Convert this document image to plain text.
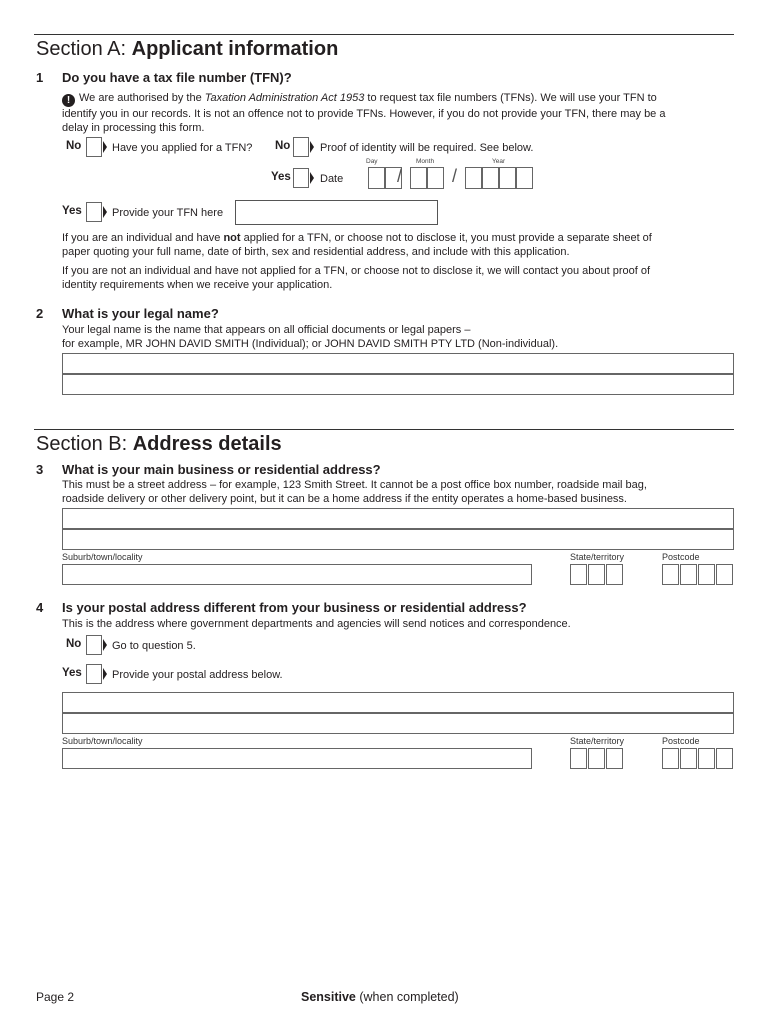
Section A: Applicant information
1 Do you have a tax file number (TFN)?
! We are authorised by the Taxation Administration Act 1953 to request tax file numbers (TFNs). We will use your TFN to
identify you in our records. It is not an offence not to provide TFNs. However, if you do not provide your TFN, there may be a
delay in processing this form.
No	Have you applied for a TFN? No	Proof of identity will be required. See below.
Day	Month	Year
Yes	Date	/	/
Yes	Provide your TFN here
If you are an individual and have not applied for a TFN, or choose not to disclose it, you must provide a separate sheet of
paper quoting your full name, date of birth, sex and residential address, and include with this application.
If you are not an individual and have not applied for a TFN, or choose not to disclose it, we will contact you about proof of
identity requirements when we receive your application.
2 What is your legal name?
Your legal name is the name that appears on all official documents or legal papers –
for example, MR JOHN DAVID SMITH (Individual); or JOHN DAVID SMITH PTY LTD (Non-individual).
Section B: Address details
3 What is your main business or residential address?
This must be a street address – for example, 123 Smith Street. It cannot be a post office box number, roadside mail bag,
roadside delivery or other delivery point, but it can be a home address if the entity operates a home-based business.
Suburb/town/locality	State/territory	Postcode
4 Is your postal address different from your business or residential address?
This is the address where government departments and agencies will send notices and correspondence.
No	Go to question 5.
Yes	Provide your postal address below.
Suburb/town/locality	State/territory	Postcode
Page 2	Sensitive (when completed)
